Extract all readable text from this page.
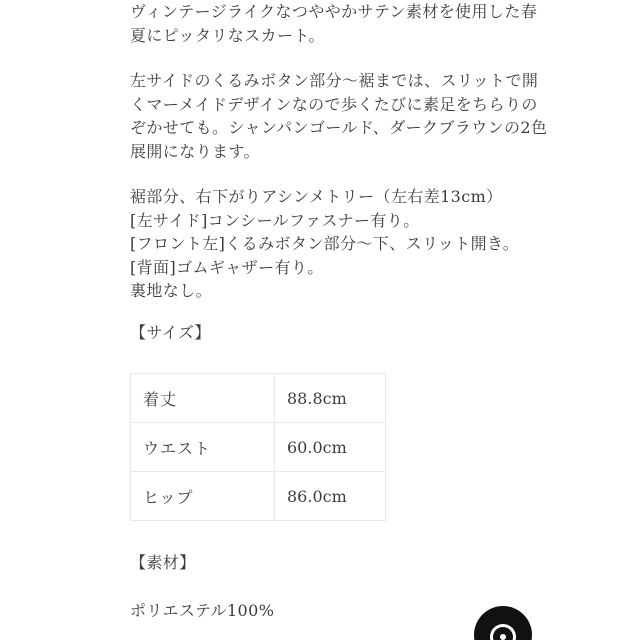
ヴィンテージライクなつややかサテン素材を使用した春

夏にピッタリなスカート。

左サイドのくるみボタン部分〜裾までは、スリットで開

くマーメイドデザインなので歩くたびに素足をちらりの

ぞかせても。シャンパンゴールド、ダークブラウンの2色

展開になります。

裾部分、右下がりアシンメトリー（左右差13cm）

[左サイド]コンシールファスナー有り。

[フロント左]くるみボタン部分〜下、スリット開き。

[背面]ゴムギャザー有り。

裏地なし。

【サイズ】
着丈	88.8cm
ウエスト	60.0cm
ヒップ	86.0cm
【素材】
ポリエステル100%
